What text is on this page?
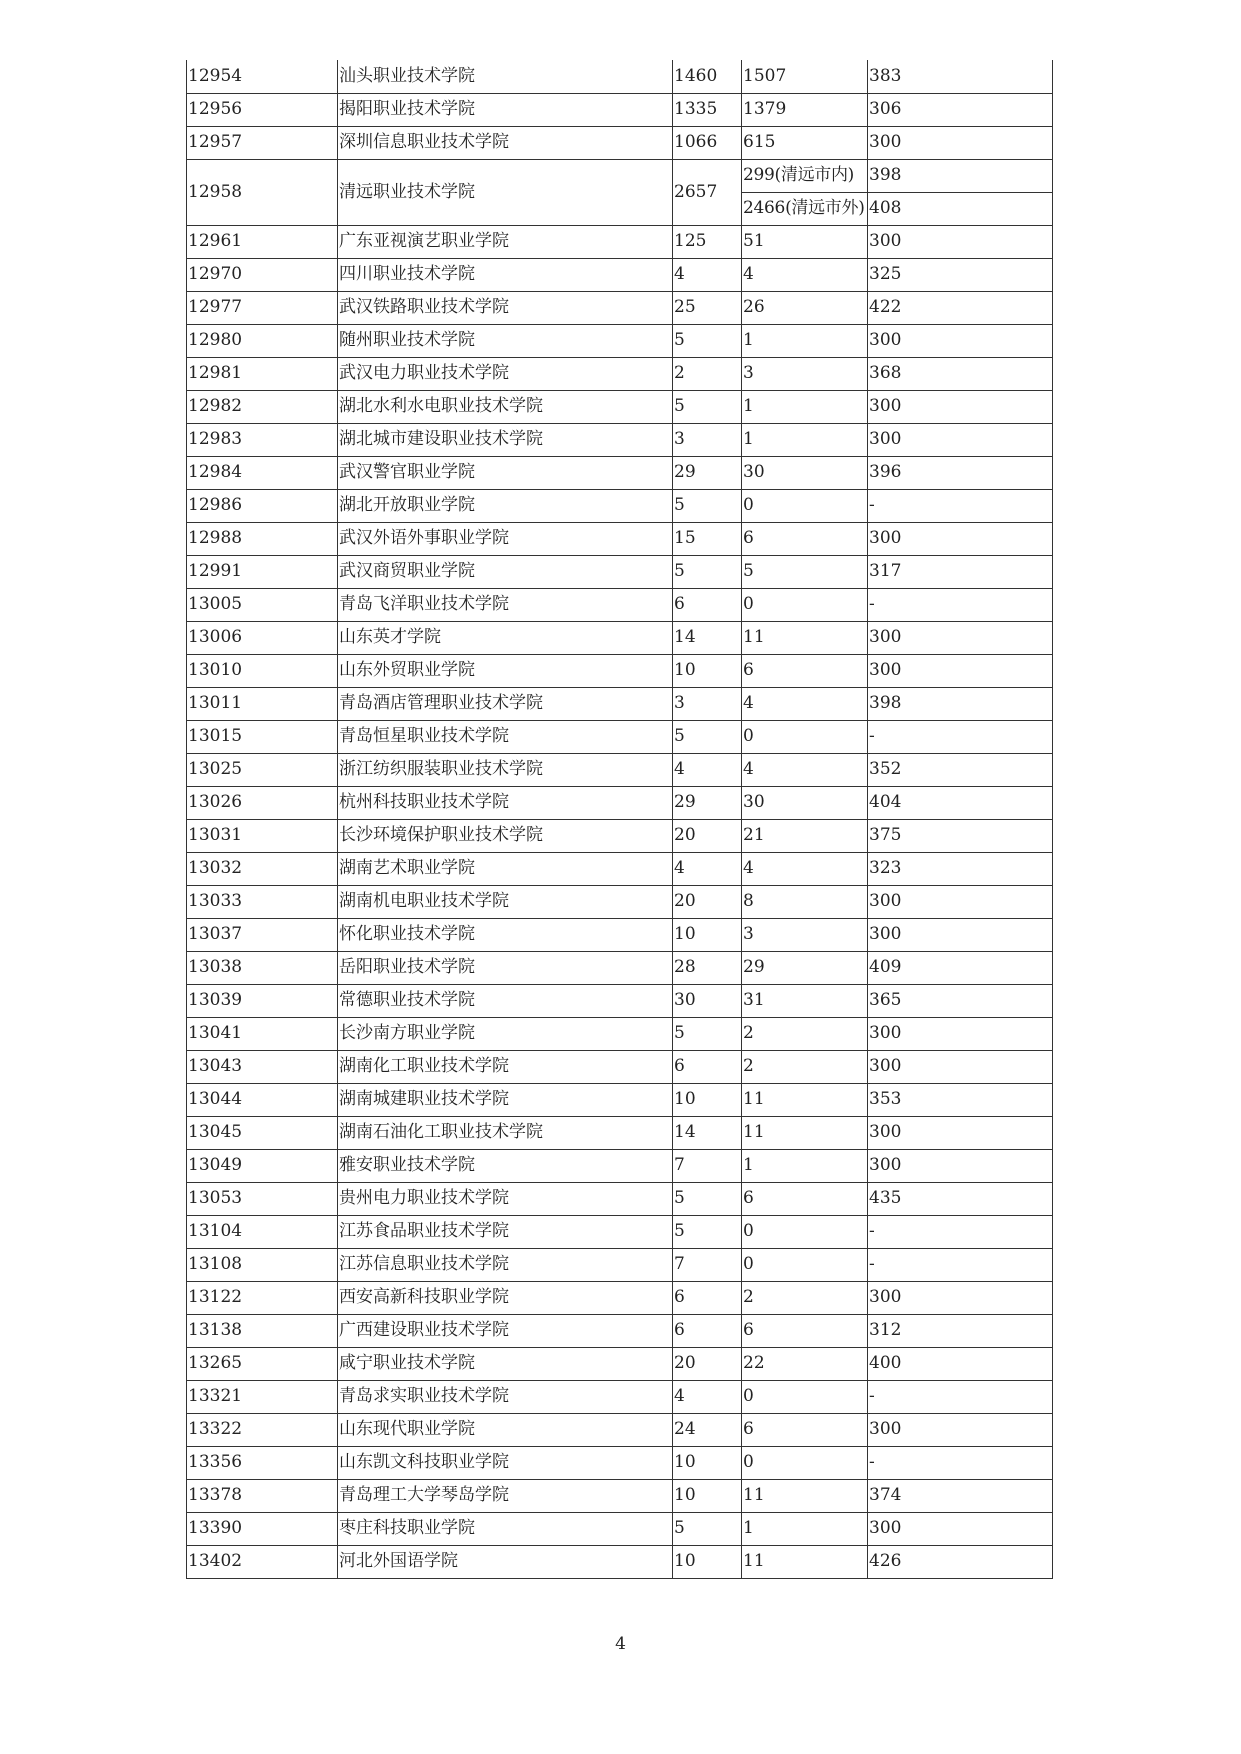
12954	汕头职业技术学院	1460	1507	383
12956	揭阳职业技术学院	1335	1379	306
12957	深圳信息职业技术学院	1066	615	300
12958	清远职业技术学院	2657	299(清远市内)	398
			2466(清远市外)	408
12961	广东亚视演艺职业学院	125	51	300
12970	四川职业技术学院	4	4	325
12977	武汉铁路职业技术学院	25	26	422
12980	随州职业技术学院	5	1	300
12981	武汉电力职业技术学院	2	3	368
12982	湖北水利水电职业技术学院	5	1	300
12983	湖北城市建设职业技术学院	3	1	300
12984	武汉警官职业学院	29	30	396
12986	湖北开放职业学院	5	0	-
12988	武汉外语外事职业学院	15	6	300
12991	武汉商贸职业学院	5	5	317
13005	青岛飞洋职业技术学院	6	0	-
13006	山东英才学院	14	11	300
13010	山东外贸职业学院	10	6	300
13011	青岛酒店管理职业技术学院	3	4	398
13015	青岛恒星职业技术学院	5	0	-
13025	浙江纺织服装职业技术学院	4	4	352
13026	杭州科技职业技术学院	29	30	404
13031	长沙环境保护职业技术学院	20	21	375
13032	湖南艺术职业学院	4	4	323
13033	湖南机电职业技术学院	20	8	300
13037	怀化职业技术学院	10	3	300
13038	岳阳职业技术学院	28	29	409
13039	常德职业技术学院	30	31	365
13041	长沙南方职业学院	5	2	300
13043	湖南化工职业技术学院	6	2	300
13044	湖南城建职业技术学院	10	11	353
13045	湖南石油化工职业技术学院	14	11	300
13049	雅安职业技术学院	7	1	300
13053	贵州电力职业技术学院	5	6	435
13104	江苏食品职业技术学院	5	0	-
13108	江苏信息职业技术学院	7	0	-
13122	西安高新科技职业学院	6	2	300
13138	广西建设职业技术学院	6	6	312
13265	咸宁职业技术学院	20	22	400
13321	青岛求实职业技术学院	4	0	-
13322	山东现代职业学院	24	6	300
13356	山东凯文科技职业学院	10	0	-
13378	青岛理工大学琴岛学院	10	11	374
13390	枣庄科技职业学院	5	1	300
13402	河北外国语学院	10	11	426
4
